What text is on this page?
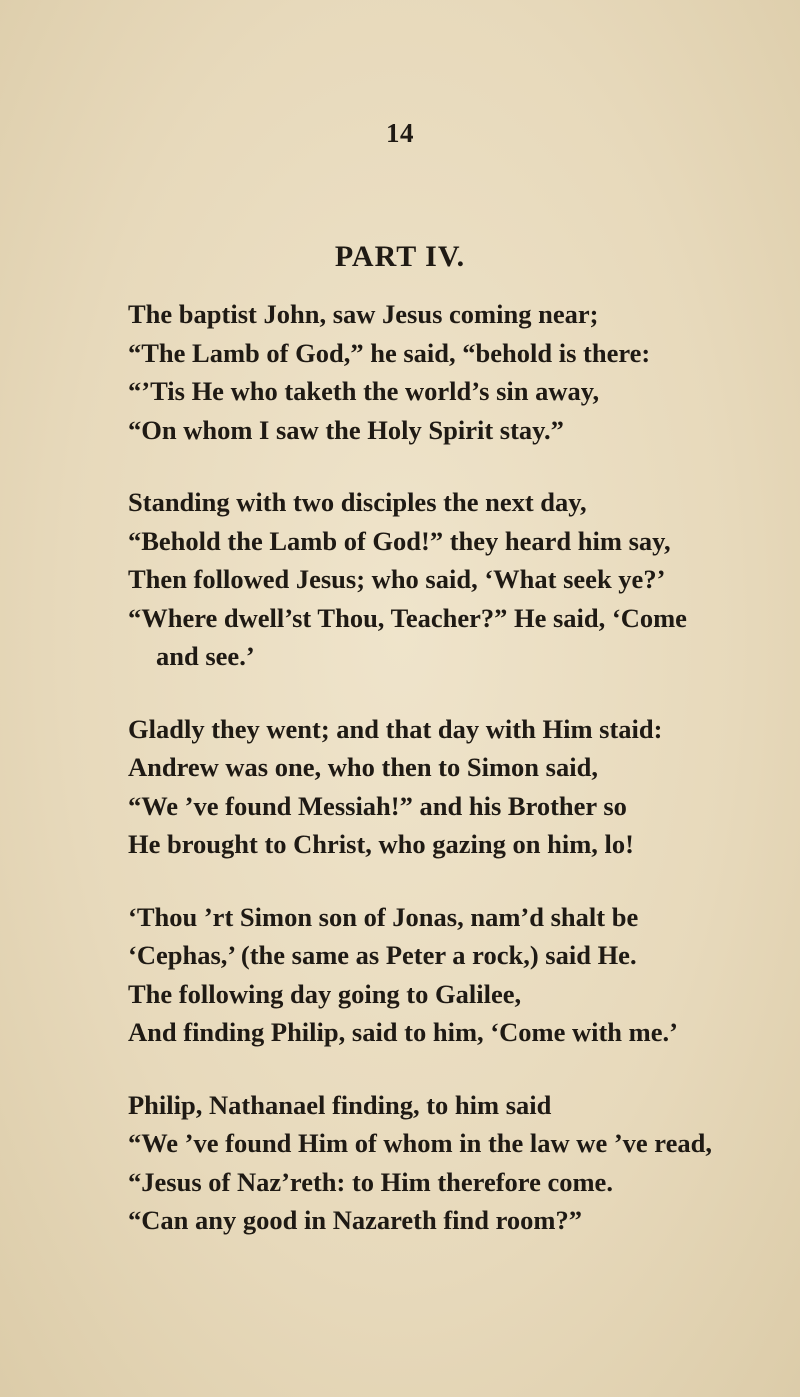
14
PART IV.
The baptist John, saw Jesus coming near;
“The Lamb of God,” he said, “behold is there:
“’Tis He who taketh the world’s sin away,
“On whom I saw the Holy Spirit stay.”
Standing with two disciples the next day,
“Behold the Lamb of God!” they heard him say,
Then followed Jesus; who said, ‘What seek ye?’
“Where dwell’st Thou, Teacher?” He said, ‘Come
and see.’
Gladly they went; and that day with Him staid:
Andrew was one, who then to Simon said,
“We ’ve found Messiah!” and his Brother so
He brought to Christ, who gazing on him, lo!
‘Thou ’rt Simon son of Jonas, nam’d shalt be
‘Cephas,’ (the same as Peter a rock,) said He.
The following day going to Galilee,
And finding Philip, said to him, ‘Come with me.’
Philip, Nathanael finding, to him said
“We ’ve found Him of whom in the law we ’ve read,
“Jesus of Naz’reth: to Him therefore come.
“Can any good in Nazareth find room?”
